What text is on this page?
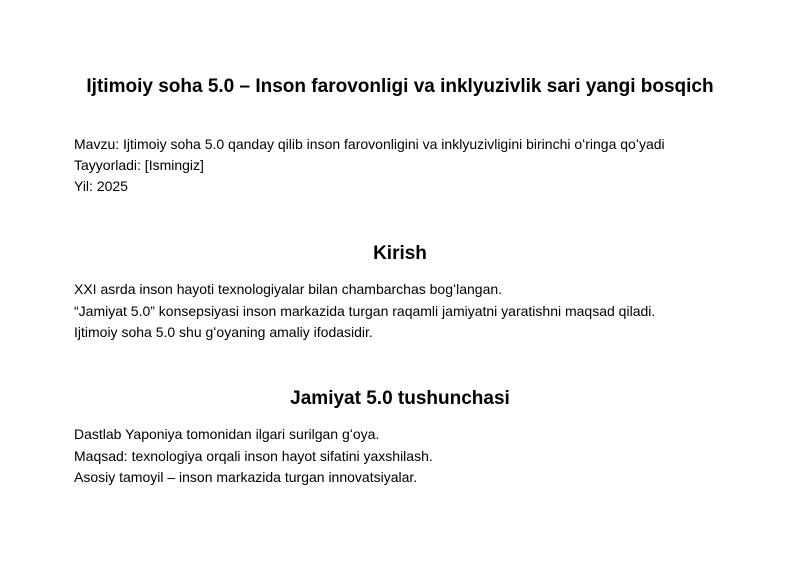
Ijtimoiy soha 5.0 – Inson farovonligi va inklyuzivlik sari yangi bosqich
Mavzu: Ijtimoiy soha 5.0 qanday qilib inson farovonligini va inklyuzivligini birinchi oʻringa qoʻyadi
Tayyorladi: [Ismingiz]
Yil: 2025
Kirish
XXI asrda inson hayoti texnologiyalar bilan chambarchas bogʻlangan.
“Jamiyat 5.0” konsepsiyasi inson markazida turgan raqamli jamiyatni yaratishni maqsad qiladi.
Ijtimoiy soha 5.0 shu gʻoyaning amaliy ifodasidir.
Jamiyat 5.0 tushunchasi
Dastlab Yaponiya tomonidan ilgari surilgan gʻoya.
Maqsad: texnologiya orqali inson hayot sifatini yaxshilash.
Asosiy tamoyil – inson markazida turgan innovatsiyalar.
